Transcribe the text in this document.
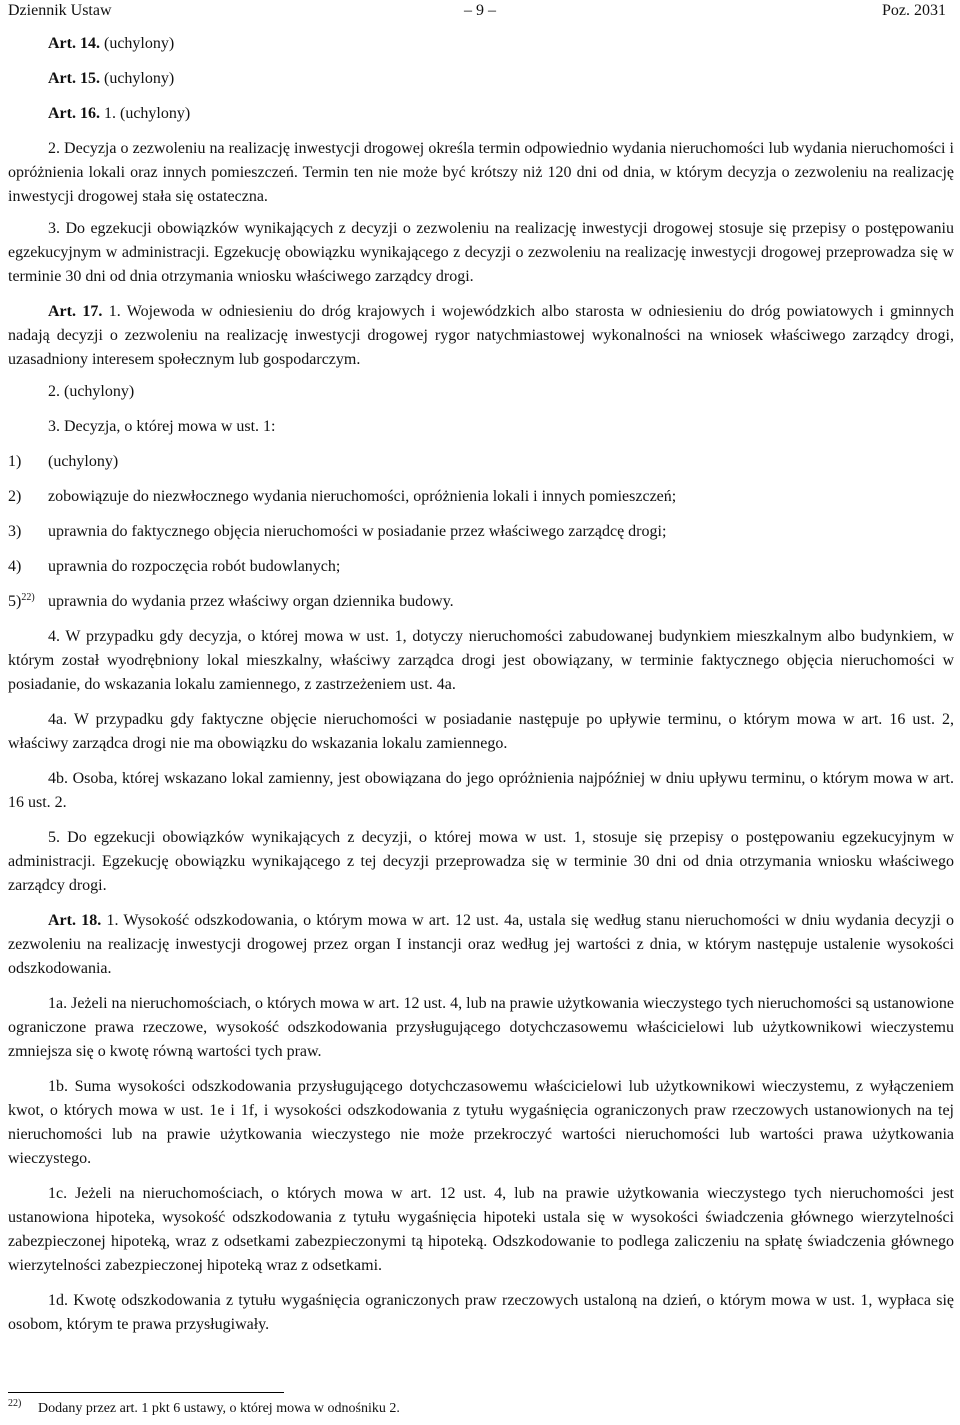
Dziennik Ustaw	– 9 –	Poz. 2031

Art. 14. (uchylony)

Art. 15. (uchylony)

Art. 16. 1. (uchylony)

2. Decyzja o zezwoleniu na realizację inwestycji drogowej określa termin odpowiednio wydania nieruchomości lub wydania nieruchomości i opróżnienia lokali oraz innych pomieszczeń. Termin ten nie może być krótszy niż 120 dni od dnia, w którym decyzja o zezwoleniu na realizację inwestycji drogowej stała się ostateczna.

3. Do egzekucji obowiązków wynikających z decyzji o zezwoleniu na realizację inwestycji drogowej stosuje się przepisy o postępowaniu egzekucyjnym w administracji. Egzekucję obowiązku wynikającego z decyzji o zezwoleniu na realizację inwestycji drogowej przeprowadza się w terminie 30 dni od dnia otrzymania wniosku właściwego zarządcy drogi.

Art. 17. 1. Wojewoda w odniesieniu do dróg krajowych i wojewódzkich albo starosta w odniesieniu do dróg powiatowych i gminnych nadają decyzji o zezwoleniu na realizację inwestycji drogowej rygor natychmiastowej wykonalności na wniosek właściwego zarządcy drogi, uzasadniony interesem społecznym lub gospodarczym.

2. (uchylony)

3. Decyzja, o której mowa w ust. 1:

1) (uchylony)

2) zobowiązuje do niezwłocznego wydania nieruchomości, opróżnienia lokali i innych pomieszczeń;

3) uprawnia do faktycznego objęcia nieruchomości w posiadanie przez właściwego zarządcę drogi;

4) uprawnia do rozpoczęcia robót budowlanych;

5)$^{22)}$ uprawnia do wydania przez właściwy organ dziennika budowy.

4. W przypadku gdy decyzja, o której mowa w ust. 1, dotyczy nieruchomości zabudowanej budynkiem mieszkalnym albo budynkiem, w którym został wyodrębniony lokal mieszkalny, właściwy zarządca drogi jest obowiązany, w terminie faktycznego objęcia nieruchomości w posiadanie, do wskazania lokalu zamiennego, z zastrzeżeniem ust. 4a.

4a. W przypadku gdy faktyczne objęcie nieruchomości w posiadanie następuje po upływie terminu, o którym mowa w art. 16 ust. 2, właściwy zarządca drogi nie ma obowiązku do wskazania lokalu zamiennego.

4b. Osoba, której wskazano lokal zamienny, jest obowiązana do jego opróżnienia najpóźniej w dniu upływu terminu, o którym mowa w art. 16 ust. 2.

5. Do egzekucji obowiązków wynikających z decyzji, o której mowa w ust. 1, stosuje się przepisy o postępowaniu egzekucyjnym w administracji. Egzekucję obowiązku wynikającego z tej decyzji przeprowadza się w terminie 30 dni od dnia otrzymania wniosku właściwego zarządcy drogi.

Art. 18. 1. Wysokość odszkodowania, o którym mowa w art. 12 ust. 4a, ustala się według stanu nieruchomości w dniu wydania decyzji o zezwoleniu na realizację inwestycji drogowej przez organ I instancji oraz według jej wartości z dnia, w którym następuje ustalenie wysokości odszkodowania.

1a. Jeżeli na nieruchomościach, o których mowa w art. 12 ust. 4, lub na prawie użytkowania wieczystego tych nieruchomości są ustanowione ograniczone prawa rzeczowe, wysokość odszkodowania przysługującego dotychczasowemu właścicielowi lub użytkownikowi wieczystemu zmniejsza się o kwotę równą wartości tych praw.

1b. Suma wysokości odszkodowania przysługującego dotychczasowemu właścicielowi lub użytkownikowi wieczystemu, z wyłączeniem kwot, o których mowa w ust. 1e i 1f, i wysokości odszkodowania z tytułu wygaśnięcia ograniczonych praw rzeczowych ustanowionych na tej nieruchomości lub na prawie użytkowania wieczystego nie może przekroczyć wartości nieruchomości lub wartości prawa użytkowania wieczystego.

1c. Jeżeli na nieruchomościach, o których mowa w art. 12 ust. 4, lub na prawie użytkowania wieczystego tych nieruchomości jest ustanowiona hipoteka, wysokość odszkodowania z tytułu wygaśnięcia hipoteki ustala się w wysokości świadczenia głównego wierzytelności zabezpieczonej hipoteką, wraz z odsetkami zabezpieczonymi tą hipoteką. Odszkodowanie to podlega zaliczeniu na spłatę świadczenia głównego wierzytelności zabezpieczonej hipoteką wraz z odsetkami.

1d. Kwotę odszkodowania z tytułu wygaśnięcia ograniczonych praw rzeczowych ustaloną na dzień, o którym mowa w ust. 1, wypłaca się osobom, którym te prawa przysługiwały.

$^{22)}$ Dodany przez art. 1 pkt 6 ustawy, o której mowa w odnośniku 2.
